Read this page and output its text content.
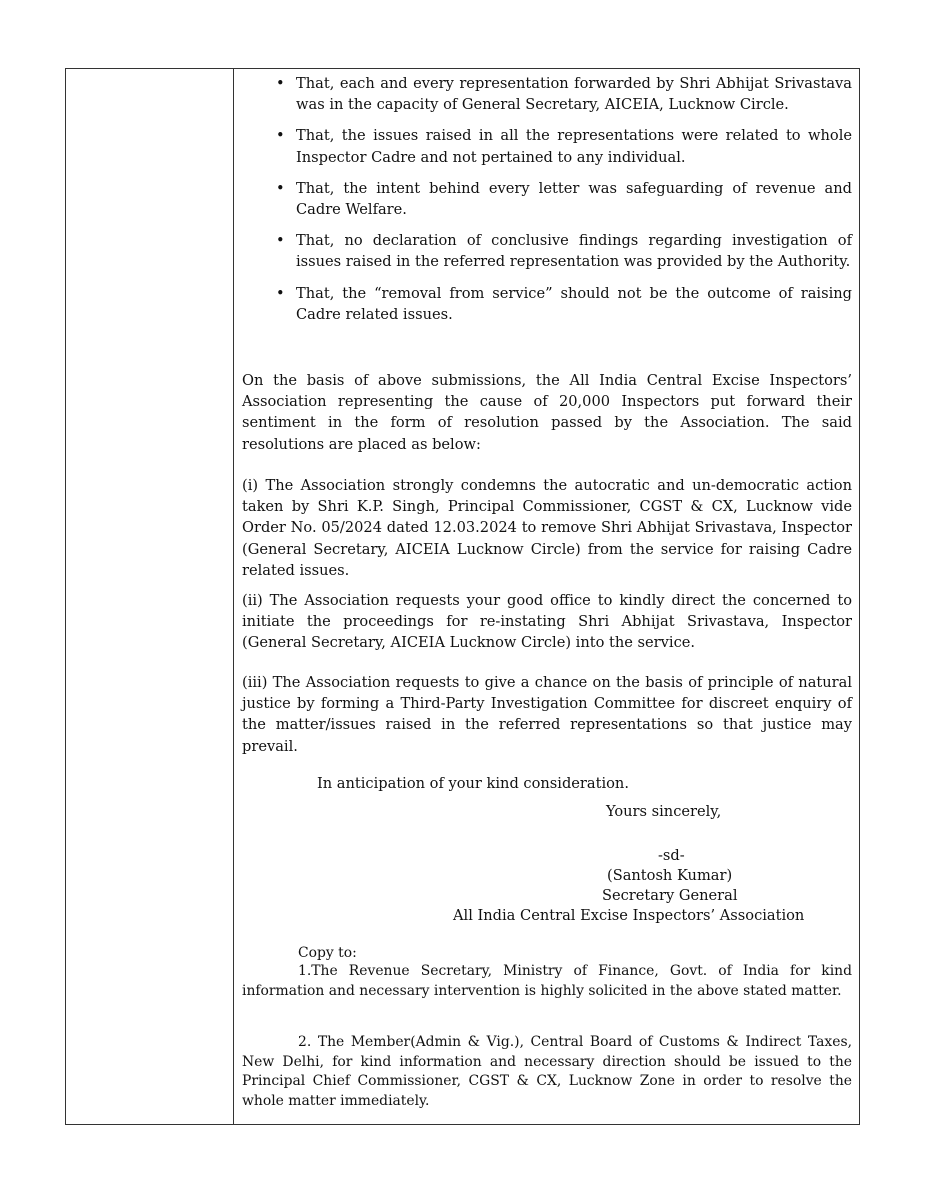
• That, each and every representation forwarded by Shri Abhijat Srivastava was in the capacity of General Secretary, AICEIA, Lucknow Circle.
• That, the issues raised in all the representations were related to whole Inspector Cadre and not pertained to any individual.
• That, the intent behind every letter was safeguarding of revenue and Cadre Welfare.
• That, no declaration of conclusive findings regarding investigation of issues raised in the referred representation was provided by the Authority.
• That, the “removal from service” should not be the outcome of raising Cadre related issues.

On the basis of above submissions, the All India Central Excise Inspectors’ Association representing the cause of 20,000 Inspectors put forward their sentiment in the form of resolution passed by the Association. The said resolutions are placed as below:

(i) The Association strongly condemns the autocratic and un-democratic action taken by Shri K.P. Singh, Principal Commissioner, CGST & CX, Lucknow vide Order No. 05/2024 dated 12.03.2024 to remove Shri Abhijat Srivastava, Inspector (General Secretary, AICEIA Lucknow Circle) from the service for raising Cadre related issues.

(ii) The Association requests your good office to kindly direct the concerned to initiate the proceedings for re-instating Shri Abhijat Srivastava, Inspector (General Secretary, AICEIA Lucknow Circle) into the service.

(iii) The Association requests to give a chance on the basis of principle of natural justice by forming a Third-Party Investigation Committee for discreet enquiry of the matter/issues raised in the referred representations so that justice may prevail.

In anticipation of your kind consideration.

Yours sincerely,

-sd-

(Santosh Kumar)

Secretary General

All India Central Excise Inspectors’ Association

Copy to:

1.The Revenue Secretary, Ministry of Finance, Govt. of India for kind information and necessary intervention is highly solicited in the above stated matter.

2. The Member(Admin & Vig.), Central Board of Customs & Indirect Taxes, New Delhi, for kind information and necessary direction should be issued to the Principal Chief Commissioner, CGST & CX, Lucknow Zone in order to resolve the whole matter immediately.
